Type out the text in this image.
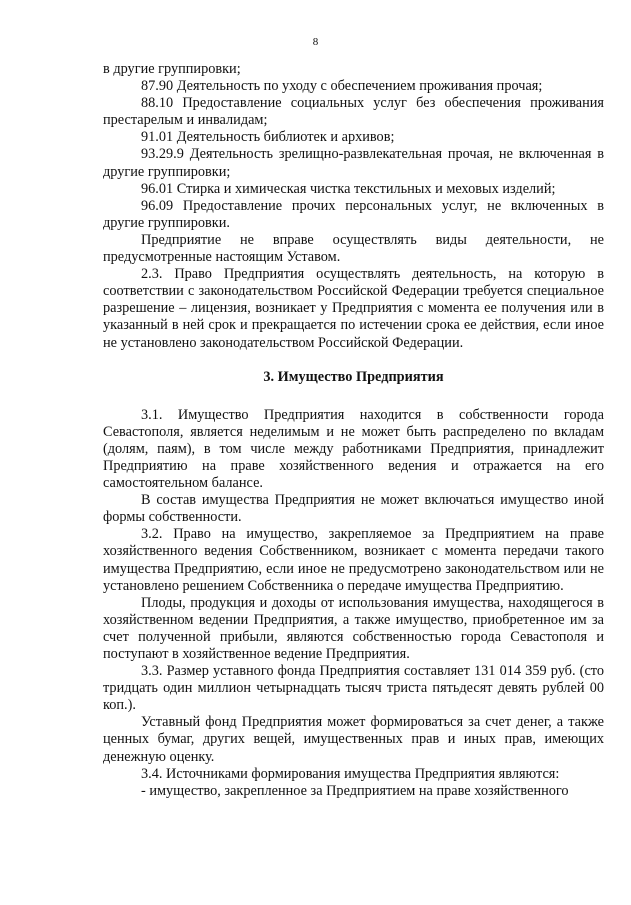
8

в другие группировки;

87.90 Деятельность по уходу с обеспечением проживания прочая;

88.10 Предоставление социальных услуг без обеспечения проживания престарелым и инвалидам;

91.01 Деятельность библиотек и архивов;

93.29.9 Деятельность зрелищно-развлекательная прочая, не включенная в другие группировки;

96.01 Стирка и химическая чистка текстильных и меховых изделий;

96.09 Предоставление прочих персональных услуг, не включенных в другие группировки.

Предприятие не вправе осуществлять виды деятельности, не предусмотренные настоящим Уставом.

2.3. Право Предприятия осуществлять деятельность, на которую в соответствии с законодательством Российской Федерации требуется специальное разрешение – лицензия, возникает у Предприятия с момента ее получения или в указанный в ней срок и прекращается по истечении срока ее действия, если иное не установлено законодательством Российской Федерации.

3. Имущество Предприятия

3.1. Имущество Предприятия находится в собственности города Севастополя, является неделимым и не может быть распределено по вкладам (долям, паям), в том числе между работниками Предприятия, принадлежит Предприятию на праве хозяйственного ведения и отражается на его самостоятельном балансе.

В состав имущества Предприятия не может включаться имущество иной формы собственности.

3.2. Право на имущество, закрепляемое за Предприятием на праве хозяйственного ведения Собственником, возникает с момента передачи такого имущества Предприятию, если иное не предусмотрено законодательством или не установлено решением Собственника о передаче имущества Предприятию.

Плоды, продукция и доходы от использования имущества, находящегося в хозяйственном ведении Предприятия, а также имущество, приобретенное им за счет полученной прибыли, являются собственностью города Севастополя и поступают в хозяйственное ведение Предприятия.

3.3. Размер уставного фонда Предприятия составляет 131 014 359 руб. (сто тридцать один миллион четырнадцать тысяч триста пятьдесят девять рублей 00 коп.).

Уставный фонд Предприятия может формироваться за счет денег, а также ценных бумаг, других вещей, имущественных прав и иных прав, имеющих денежную оценку.

3.4. Источниками формирования имущества Предприятия являются:

- имущество, закрепленное за Предприятием на праве хозяйственного
